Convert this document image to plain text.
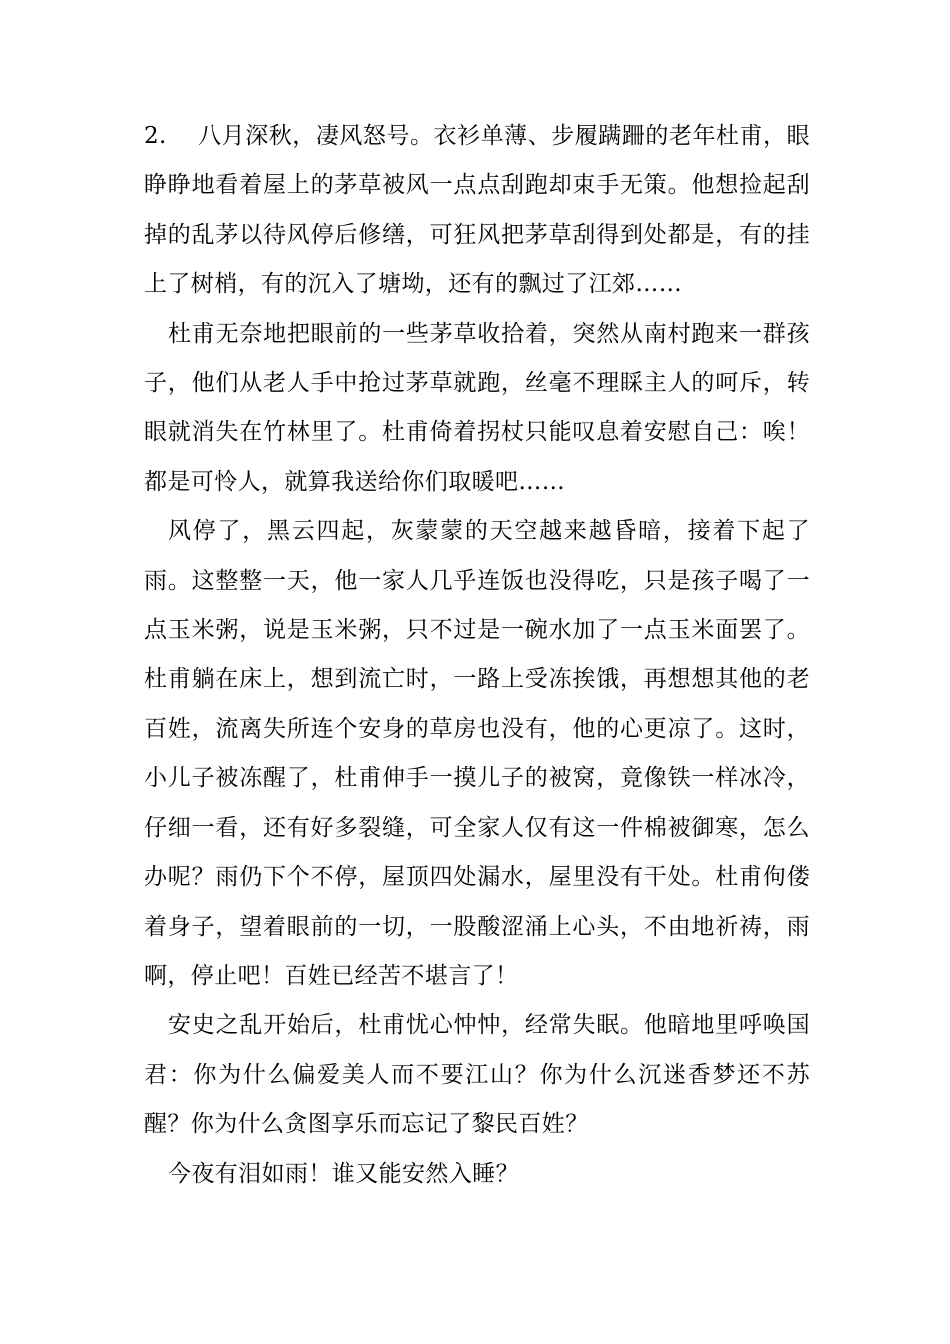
2. 八月深秋，凄风怒号。衣衫单薄、步履蹒跚的老年杜甫，眼睁睁地看着屋上的茅草被风一点点刮跑却束手无策。他想捡起刮掉的乱茅以待风停后修缮，可狂风把茅草刮得到处都是，有的挂上了树梢，有的沉入了塘坳，还有的飘过了江郊……

杜甫无奈地把眼前的一些茅草收拾着，突然从南村跑来一群孩子，他们从老人手中抢过茅草就跑，丝毫不理睬主人的呵斥，转眼就消失在竹林里了。杜甫倚着拐杖只能叹息着安慰自己：唉！都是可怜人，就算我送给你们取暖吧……

风停了，黑云四起，灰蒙蒙的天空越来越昏暗，接着下起了雨。这整整一天，他一家人几乎连饭也没得吃，只是孩子喝了一点玉米粥，说是玉米粥，只不过是一碗水加了一点玉米面罢了。杜甫躺在床上，想到流亡时，一路上受冻挨饿，再想想其他的老百姓，流离失所连个安身的草房也没有，他的心更凉了。这时，小儿子被冻醒了，杜甫伸手一摸儿子的被窝，竟像铁一样冰冷，仔细一看，还有好多裂缝，可全家人仅有这一件棉被御寒，怎么办呢？雨仍下个不停，屋顶四处漏水，屋里没有干处。杜甫佝偻着身子，望着眼前的一切，一股酸涩涌上心头，不由地祈祷，雨啊，停止吧！百姓已经苦不堪言了！

安史之乱开始后，杜甫忧心忡忡，经常失眠。他暗地里呼唤国君：你为什么偏爱美人而不要江山？你为什么沉迷香梦还不苏醒？你为什么贪图享乐而忘记了黎民百姓？

今夜有泪如雨！谁又能安然入睡？
